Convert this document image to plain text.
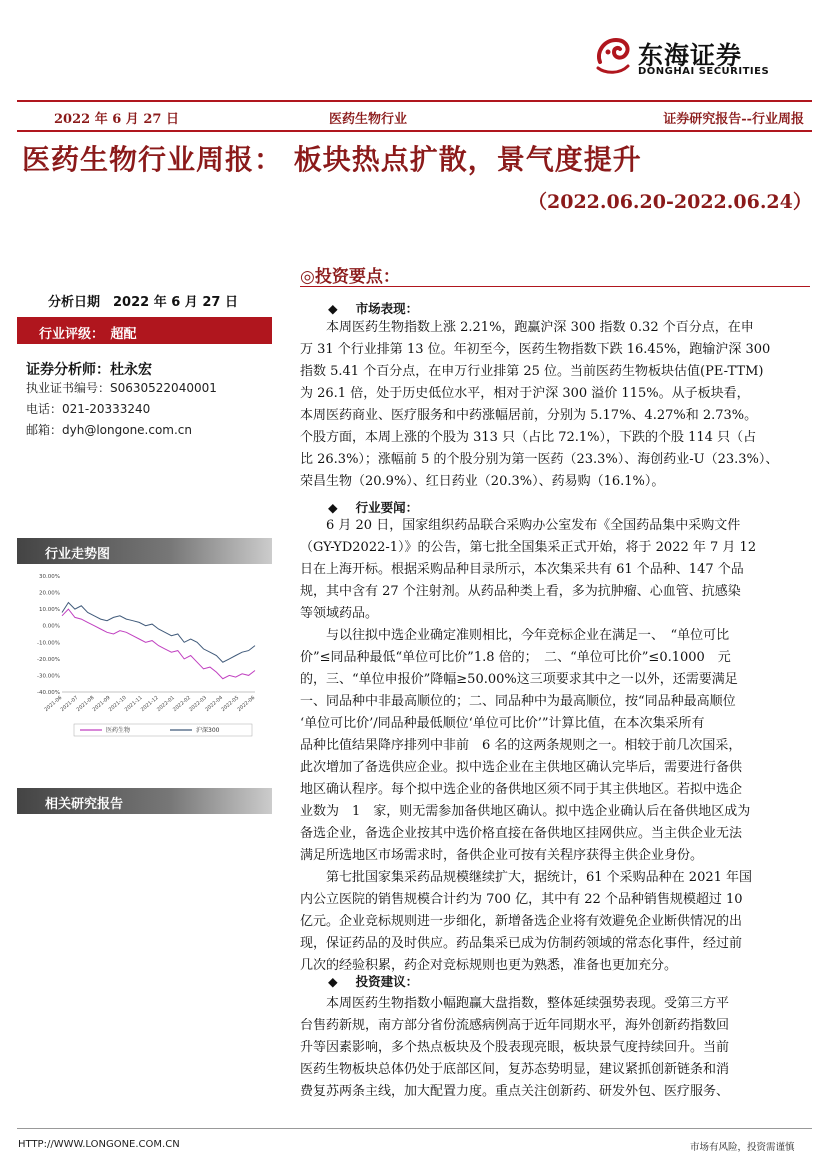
东海证券
DONGHAI SECURITIES
2022 年 6 月 27 日	医药生物行业	证券研究报告--行业周报
医药生物行业周报： 板块热点扩散，景气度提升
（2022.06.20-2022.06.24）
分析日期　2022 年 6 月 27 日
行业评级：　超配
证券分析师：杜永宏
执业证书编号：S0630522040001
电话：021-20333240
邮箱：dyh@longone.com.cn
行业走势图
30.00%
20.00%
10.00%
0.00%
-10.00%
-20.00%
-30.00%
-40.00%
2021-06
2021-07
2021-08
2021-09
2021-10
2021-11
2021-12
2022-01
2022-02
2022-03
2022-04
2022-05
2022-06
医药生物	沪深300
相关研究报告
◎投资要点：
◆ 市场表现：
◆ 行业要闻：
◆ 投资建议：
　　本周医药生物指数上涨 2.21%，跑赢沪深 300 指数 0.32 个百分点，在申
万 31 个行业排第 13 位。年初至今，医药生物指数下跌 16.45%，跑输沪深 300
指数 5.41 个百分点，在申万行业排第 25 位。当前医药生物板块估值(PE-TTM)
为 26.1 倍，处于历史低位水平，相对于沪深 300 溢价 115%。从子板块看，
本周医药商业、医疗服务和中药涨幅居前，分别为 5.17%、4.27%和 2.73%。
个股方面，本周上涨的个股为 313 只（占比 72.1%），下跌的个股 114 只（占
比 26.3%）；涨幅前 5 的个股分别为第一医药（23.3%）、海创药业-U（23.3%）、
荣昌生物（20.9%）、红日药业（20.3%）、药易购（16.1%）。
　　6 月 20 日，国家组织药品联合采购办公室发布《全国药品集中采购文件
（GY-YD2022-1）》的公告，第七批全国集采正式开始，将于 2022 年 7 月 12
日在上海开标。根据采购品种目录所示，本次集采共有 61 个品种、147 个品
规，其中含有 27 个注射剂。从药品种类上看，多为抗肿瘤、心血管、抗感染
等领域药品。
　　与以往拟中选企业确定准则相比，今年竞标企业在满足一、　“单位可比
价”≤同品种最低“单位可比价”1.8 倍的；　二、“单位可比价”≤0.1000　元
的，三、“单位申报价”降幅≥50.00%这三项要求其中之一以外，还需要满足
一、同品种中非最高顺位的；二、同品种中为最高顺位，按“同品种最高顺位
‘单位可比价’/同品种最低顺位‘单位可比价’”计算比值，在本次集采所有
品种比值结果降序排列中非前　6 名的这两条规则之一。相较于前几次国采，
此次增加了备选供应企业。拟中选企业在主供地区确认完毕后，需要进行备供
地区确认程序。每个拟中选企业的备供地区须不同于其主供地区。若拟中选企
业数为　1　家，则无需参加备供地区确认。拟中选企业确认后在备供地区成为
备选企业，备选企业按其中选价格直接在备供地区挂网供应。当主供企业无法
满足所选地区市场需求时，备供企业可按有关程序获得主供企业身份。
　　第七批国家集采药品规模继续扩大，据统计，61 个采购品种在 2021 年国
内公立医院的销售规模合计约为 700 亿，其中有 22 个品种销售规模超过 10
亿元。企业竞标规则进一步细化，新增备选企业将有效避免企业断供情况的出
现，保证药品的及时供应。药品集采已成为仿制药领域的常态化事件，经过前
几次的经验积累，药企对竞标规则也更为熟悉，准备也更加充分。
　　本周医药生物指数小幅跑赢大盘指数，整体延续强势表现。受第三方平
台售药新规，南方部分省份流感病例高于近年同期水平，海外创新药指数回
升等因素影响，多个热点板块及个股表现亮眼，板块景气度持续回升。当前
医药生物板块总体仍处于底部区间，复苏态势明显，建议紧抓创新链条和消
费复苏两条主线，加大配置力度。重点关注创新药、研发外包、医疗服务、
HTTP://WWW.LONGONE.COM.CN	市场有风险，投资需谨慎
